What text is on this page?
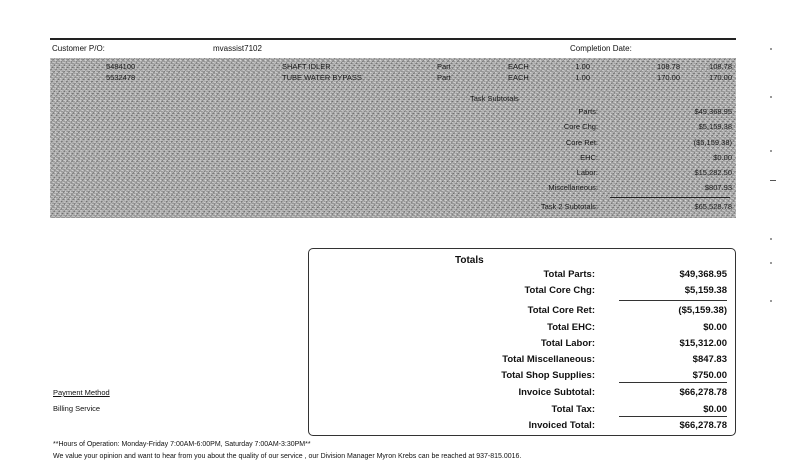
Customer P/O:	mvassist7102	Completion Date:
5484100	SHAFT IDLER	Part	EACH	1.00	108.78	108.78
5532478	TUBE WATER BYPASS	Part	EACH	1.00	170.00	170.00
Task Subtotals
Parts:	$49,368.95
Core Chg:	$5,159.38
Core Ret:	($5,159.38)
EHC:	$0.00
Labor:	$15,282.50
Miscellaneous:	$807.93
Task 2 Subtotals:	$65,528.78
Totals
Total Parts:	$49,368.95
Total Core Chg:	$5,159.38
Total Core Ret:	($5,159.38)
Total EHC:	$0.00
Total Labor:	$15,312.00
Total Miscellaneous:	$847.83
Total Shop Supplies:	$750.00
Invoice Subtotal:	$66,278.78
Total Tax:	$0.00
Invoiced Total:	$66,278.78
Payment Method
Billing Service
**Hours of Operation: Monday-Friday 7:00AM-6:00PM, Saturday 7:00AM-3:30PM**
We value your opinion and want to hear from you about the quality of our service , our Division Manager Myron Krebs can be reached at 937-815.0016.
